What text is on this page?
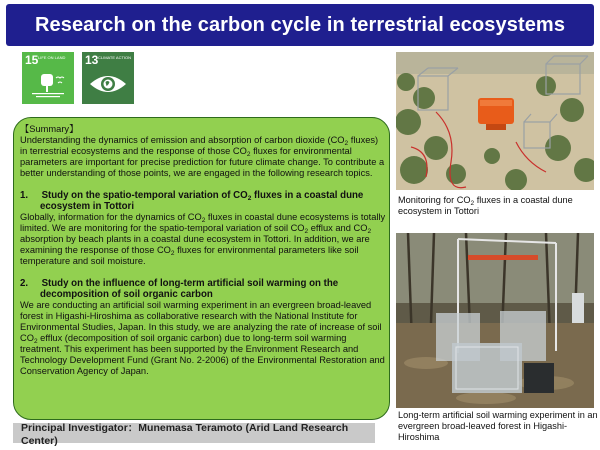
Research on the carbon cycle in terrestrial ecosystems
15 LIFE ON LAND	13 CLIMATE ACTION

【Summary】

Understanding the dynamics of emission and absorption of carbon dioxide ($CO_2$ fluxes) in terrestrial ecosystems and the response of those $CO_2$ fluxes for environmental parameters are important for precise prediction for future climate change. To contribute a better understanding of those points, we are engaged in the following research topics.

1. Study on the spatio-temporal variation of $CO_2$ fluxes in a coastal dune ecosystem in Tottori

Globally, information for the dynamics of $CO_2$ fluxes in coastal dune ecosystems is totally limited. We are monitoring for the spatio-temporal variation of soil $CO_2$ efflux and $CO_2$ absorption by beach plants in a coastal dune ecosystem in Tottori. In addition, we are examining the response of those $CO_2$ fluxes for environmental parameters like soil temperature and soil moisture.

2. Study on the influence of long-term artificial soil warming on the decomposition of soil organic carbon

We are conducting an artificial soil warming experiment in an evergreen broad-leaved forest in Higashi-Hiroshima as collaborative research with the National Institute for Environmental Studies, Japan. In this study, we are analyzing the rate of increase of soil $CO_2$ efflux (decomposition of soil organic carbon) due to long-term soil warming treatment. This experiment has been supported by the Environment Research and Technology Development Fund (Grant No. 2-2006) of the Environmental Restoration and Conservation Agency of Japan.

Principal Investigator：Munemasa Teramoto (Arid Land Research Center)
Monitoring for $CO_2$ fluxes in a coastal dune ecosystem in Tottori
Long-term artificial soil warming experiment in an evergreen broad-leaved forest in Higashi-Hiroshima
